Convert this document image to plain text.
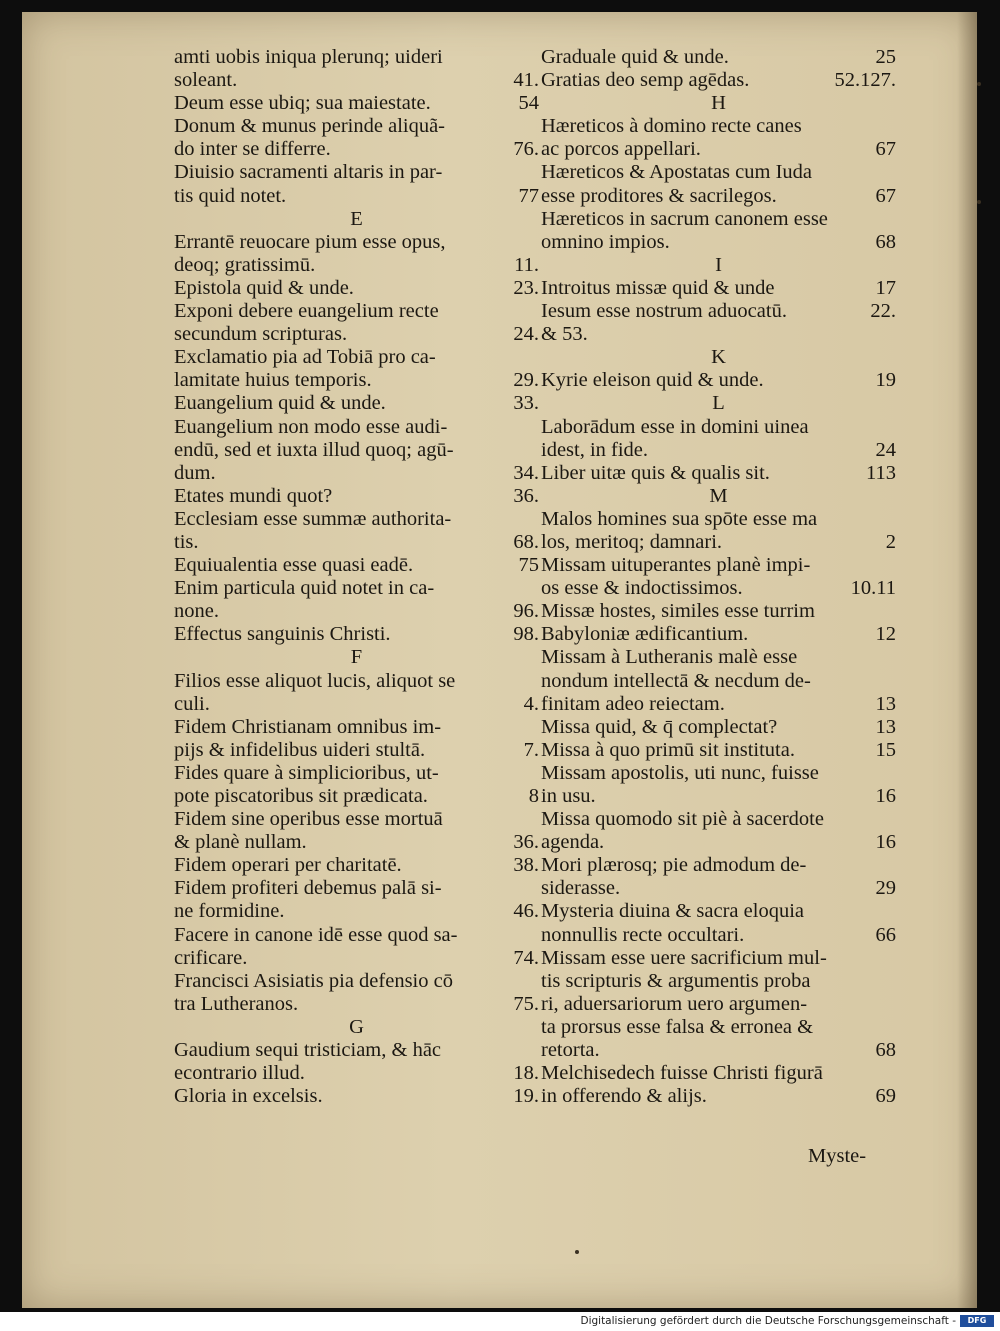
amti uobis iniqua plerunq; uideri
soleant.	41.
Deum esse ubiq; sua maiestate.	54
Donum & munus perinde aliquã-
do inter se differre.	76.
Diuisio sacramenti altaris in par-
tis quid notet.	77
E
Errantē reuocare pium esse opus,
deoq; gratissimū.	11.
Epistola quid & unde.	23.
Exponi debere euangelium recte
secundum scripturas.	24.
Exclamatio pia ad Tobiā pro ca-
lamitate huius temporis.	29.
Euangelium quid & unde.	33.
Euangelium non modo esse audi-
endū, sed et iuxta illud quoq; agū-
dum.	34.
Etates mundi quot?	36.
Ecclesiam esse summæ authorita-
tis.	68.
Equiualentia esse quasi eadē.	75
Enim particula quid notet in ca-
none.	96.
Effectus sanguinis Christi.	98.
F
Filios esse aliquot lucis, aliquot se
culi.	4.
Fidem Christianam omnibus im-
pijs & infidelibus uideri stultā.	7.
Fides quare à simplicioribus, ut-
pote piscatoribus sit prædicata.	8
Fidem sine operibus esse mortuā
& planè nullam.	36.
Fidem operari per charitatē.	38.
Fidem profiteri debemus palā si-
ne formidine.	46.
Facere in canone idē esse quod sa-
crificare.	74.
Francisci Asisiatis pia defensio cō
tra Lutheranos.	75.
G
Gaudium sequi tristiciam, & hāc
econtrario illud.	18.
Gloria in excelsis.	19.
Graduale quid & unde.	25
Gratias deo semp agēdas.	52.127.
H
Hæreticos à domino recte canes
ac porcos appellari.	67
Hæreticos & Apostatas cum Iuda
esse proditores & sacrilegos.	67
Hæreticos in sacrum canonem esse
omnino impios.	68
I
Introitus missæ quid & unde	17
Iesum esse nostrum aduocatū.	22.
& 53.
K
Kyrie eleison quid & unde.	19
L
Laborādum esse in domini uinea
idest, in fide.	24
Liber uitæ quis & qualis sit.	113
M
Malos homines sua spōte esse ma
los, meritoq; damnari.	2
Missam uituperantes planè impi-
os esse & indoctissimos.	10.11
Missæ hostes, similes esse turrim
Babyloniæ ædificantium.	12
Missam à Lutheranis malè esse
nondum intellectā & necdum de-
finitam adeo reiectam.	13
Missa quid, & q̄ complectat?	13
Missa à quo primū sit instituta.	15
Missam apostolis, uti nunc, fuisse
in usu.	16
Missa quomodo sit piè à sacerdote
agenda.	16
Mori plærosq; pie admodum de-
siderasse.	29
Mysteria diuina & sacra eloquia
nonnullis recte occultari.	66
Missam esse uere sacrificium mul-
tis scripturis & argumentis proba
ri, aduersariorum uero argumen-
ta prorsus esse falsa & erronea &
retorta.	68
Melchisedech fuisse Christi figurā
in offerendo & alijs.	69
Myste-
Digitalisierung gefördert durch die Deutsche Forschungsgemeinschaft -	DFG
